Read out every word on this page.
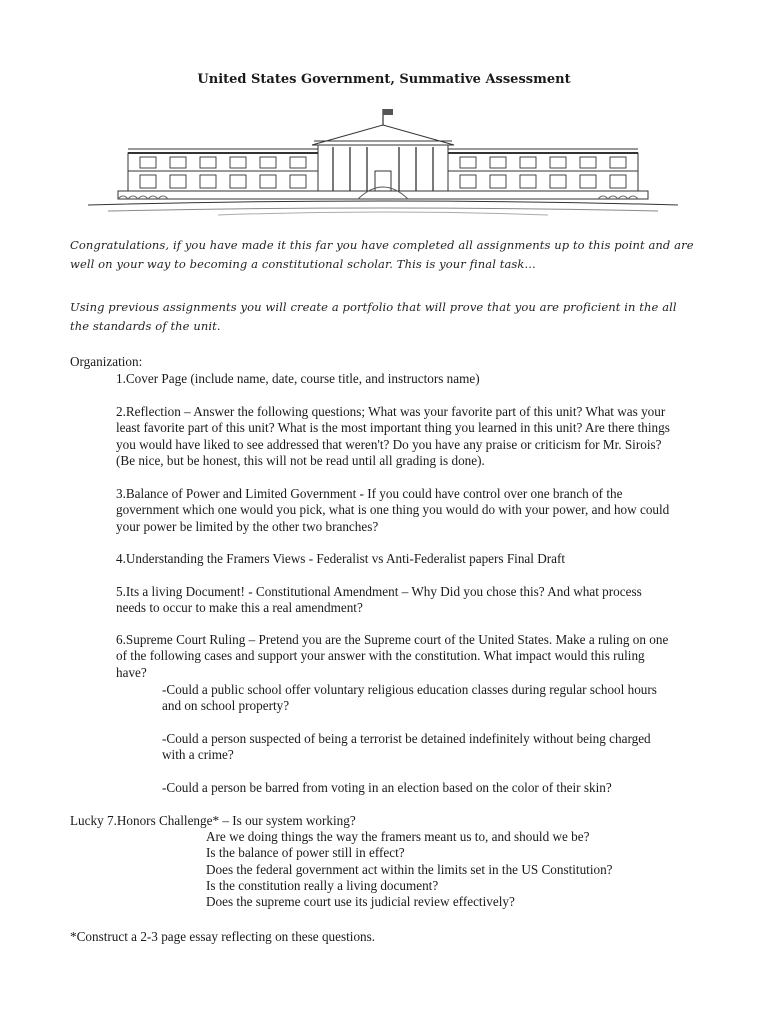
United States Government, Summative Assessment
Congratulations, if you have made it this far you have completed all assignments up to this point and are
well on your way to becoming a constitutional scholar. This is your final task...
Using previous assignments you will create a portfolio that will prove that you are proficient in the all
the standards of the unit.
Organization:
1.Cover Page (include name, date, course title, and instructors name)
2.Reflection – Answer the following questions; What was your favorite part of this unit? What was your
least favorite part of this unit? What is the most important thing you learned in this unit? Are there things
you would have liked to see addressed that weren't? Do you have any praise or criticism for Mr. Sirois?
(Be nice, but be honest, this will not be read until all grading is done).
3.Balance of Power and Limited Government - If you could have control over one branch of the
government which one would you pick, what is one thing you would do with your power, and how could
your power be limited by the other two branches?
4.Understanding the Framers Views - Federalist vs Anti-Federalist papers Final Draft
5.Its a living Document! - Constitutional Amendment – Why Did you chose this? And what process
needs to occur to make this a real amendment?
6.Supreme Court Ruling – Pretend you are the Supreme court of the United States. Make a ruling on one
of the following cases and support your answer with the constitution. What impact would this ruling
have?
-Could a public school offer voluntary religious education classes during regular school hours
and on school property?
-Could a person suspected of being a terrorist be detained indefinitely without being charged
with a crime?
-Could a person be barred from voting in an election based on the color of their skin?
Lucky 7.Honors Challenge* – Is our system working?
Are we doing things the way the framers meant us to, and should we be?
Is the balance of power still in effect?
Does the federal government act within the limits set in the US Constitution?
Is the constitution really a living document?
Does the supreme court use its judicial review effectively?
*Construct a 2-3 page essay reflecting on these questions.
